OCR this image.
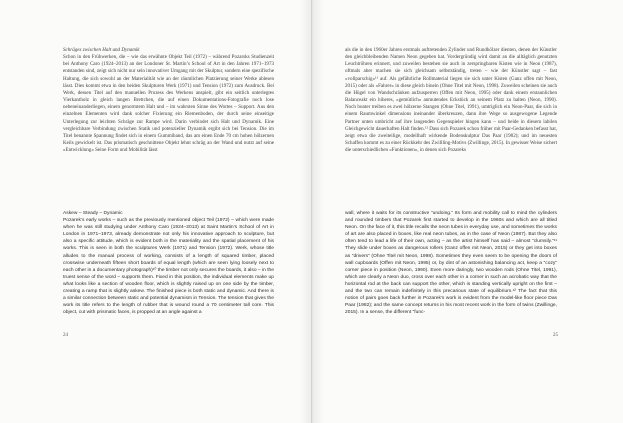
Schräges zwischen Halt und Dynamik
Schon in den Frühwerken, die – wie das erwähnte Objekt Teil (1972) – während Pozarsks Studienzeit bei Anthony Caro (1924–2013) an der Londoner St. Martin’s School of Art in den Jahren 1971–1973 entstanden sind, zeigt sich nicht nur sein innovativer Umgang mit der Skulptur, sondern eine spezifische Haltung, die sich sowohl an der Materialität wie an der räumlichen Platzierung seiner Werke ablesen lässt. Dies kommt etwa in den beiden Skulpturen Werk (1971) und Tension (1972) zum Ausdruck. Bei Werk, dessen Titel auf den manuellen Prozess des Werkens anspielt, gibt ein seitlich unterlegtes Vierkantholz in gleich langen Brettchen, die auf einen Dokumentations-Fotografie noch lose nebeneinanderliegen, einem genormtem Halt und – im wahrsten Sinne des Wortes – Support. Aus den einzelnen Elementen wird dank solcher Fixierung ein Riemenboden, der durch seine einseitige Unterlegung zur leichten Schräge zur Rampe wird. Darin verbindet sich Halt und Dynamik. Eine vergleichbare Verbindung zwischen Statik und potenzieller Dynamik ergibt sich bei Tension. Die im Titel benannte Spannung findet sich in einem Gummiband, das am einen Ende 70 cm hohen hölzernen Keils gewickelt ist. Das prismatisch geschnittene Objekt lehnt schräg an der Wand und nutzt auf seine »Entwicklung« Seine Form und Mobilität lässt

Askew – Steady – Dynamic
Pozarek’s early works – such as the previously mentioned object Teil (1972) – which were made when he was still studying under Anthony Caro (1924–2013) at Saint Martin’s School of Art in London in 1971–1973, already demonstrate not only his innovative approach to sculpture, but also a specific attitude, which is evident both in the materiality and the spatial placement of his works. This is seen in both the sculptures Werk (1971) and Tension (1972). Werk, whose title alludes to the manual process of working, consists of a length of squared timber, placed crosswise underneath fifteen short boards of equal length (which are seen lying loosely next to each other in a documentary photograph)¹⁰ the timber not only secures the boards, it also – in the truest sense of the word – supports them. Fixed in this position, the individual elements make up what looks like a section of wooden floor, which is slightly raised up on one side by the timber, creating a ramp that is slightly askew. The finished piece is both static and dynamic. And there is a similar connection between static and potential dynamism in Tension. The tension that gives the work its title refers to the length of rubber that is wound round a 70 centimeter tall core. This object, cut with prismatic faces, is propped at an angle against a

24

als die in den 1960er Jahren erstmals auftretenden Zylinder und Rundhölzer dienten, denen der Künstler den gleichbleibenden Namen Neon gegeben hat. Vordergründig wird damit an die alltäglich genutzten Leuchtröhren erinnert, und zuweilen bestehen sie auch in zerspringbaren Kisten wie in Neon (1987), oftmals aber machen sie sich gleichsam selbstständig, treten – wie der Künstler sagt – fast »vollparschig«¹¹ auf. Als gefährliche Rollmaterial liegen sie sich unter Kisten (Ganz offen mit Neon, 2015) oder als »Fahrer« in diese gleich binein (Ohne Titel mit Neon, 1998). Zuweilen scheinen sie auch die Hügel von Wandschränken aufzusperren (Offen mit Neon, 1995) oder dank einem erstaunlichen Balanceakt ein hiheres, »gemütlich« anmutendes Eckstück an seinem Platz zu halten (Neon, 1990). Noch bunter treiben es zwei hölzerne Stangen (Ohne Titel, 1991), umtriglich ein Neon-Paar, die sich in einem Raumwinkel dimensions ineinander überkreuzen, dann ihre Wege so ausgewogene Legende Partner unten umbricht auf ihre langenden Gegenspieler hingen kann – und beide in diesem labilen Gleichgewicht dauerhaften Halt finden.¹² Dass sich Pozarek schon früher mit Paar-Gedanken befasst hat, zeigt etwa die zweiteilige, modellhaft wirkende Bodenskulptur Das Paar (1982); und im neuesten Schaffen kommt es zu einer Rückkehr des Zwillling-Motivs (Zwillinge, 2015). In gewisser Weise sichert die unterschiedlichen »Funktionen«, in denen sich Pozareks

wall, where it waits for its constructive “undoing.” Its form and mobility call to mind the cylinders and rounded timbers that Pozarek first started to develop in the 1960s and which are all titled Neon. On the face of it, this title recalls the neon tubes in everyday use, and sometimes the works of art are also placed in boxes, like real neon tubes, as in the case of Neon (1987). But they also often tend to lead a life of their own, acting – as the artist himself has said – almost “clumsily.”¹¹ They slide under boxes as dangerous rollers (Ganz offen mit Neon, 2015) or they get into boxes as “drivers” (Ohne Titel mit Neon, 1998). Sometimes they even seem to be opening the doors of wall cupboards (Offen mit Neon, 1995) or, by dint of an astonishing balancing act, keep a “cozy” corner piece in position (Neon, 1990). Even more daringly, two wooden rods (Ohne Titel, 1991), which are clearly a Neon duo, cross over each other in a corner in such an acrobatic way that the horizontal rod at the back can support the other, which is standing vertically upright on the first – and the two can remain indefinitely in this precarious state of equilibrium.¹² The fact that this notion of pairs goes back further in Pozarek’s work is evident from the model-like floor piece Das Paar (1982); and the same concept returns in his most recent work in the form of twins (Zwillinge, 2015). In a sense, the different “func-

25
